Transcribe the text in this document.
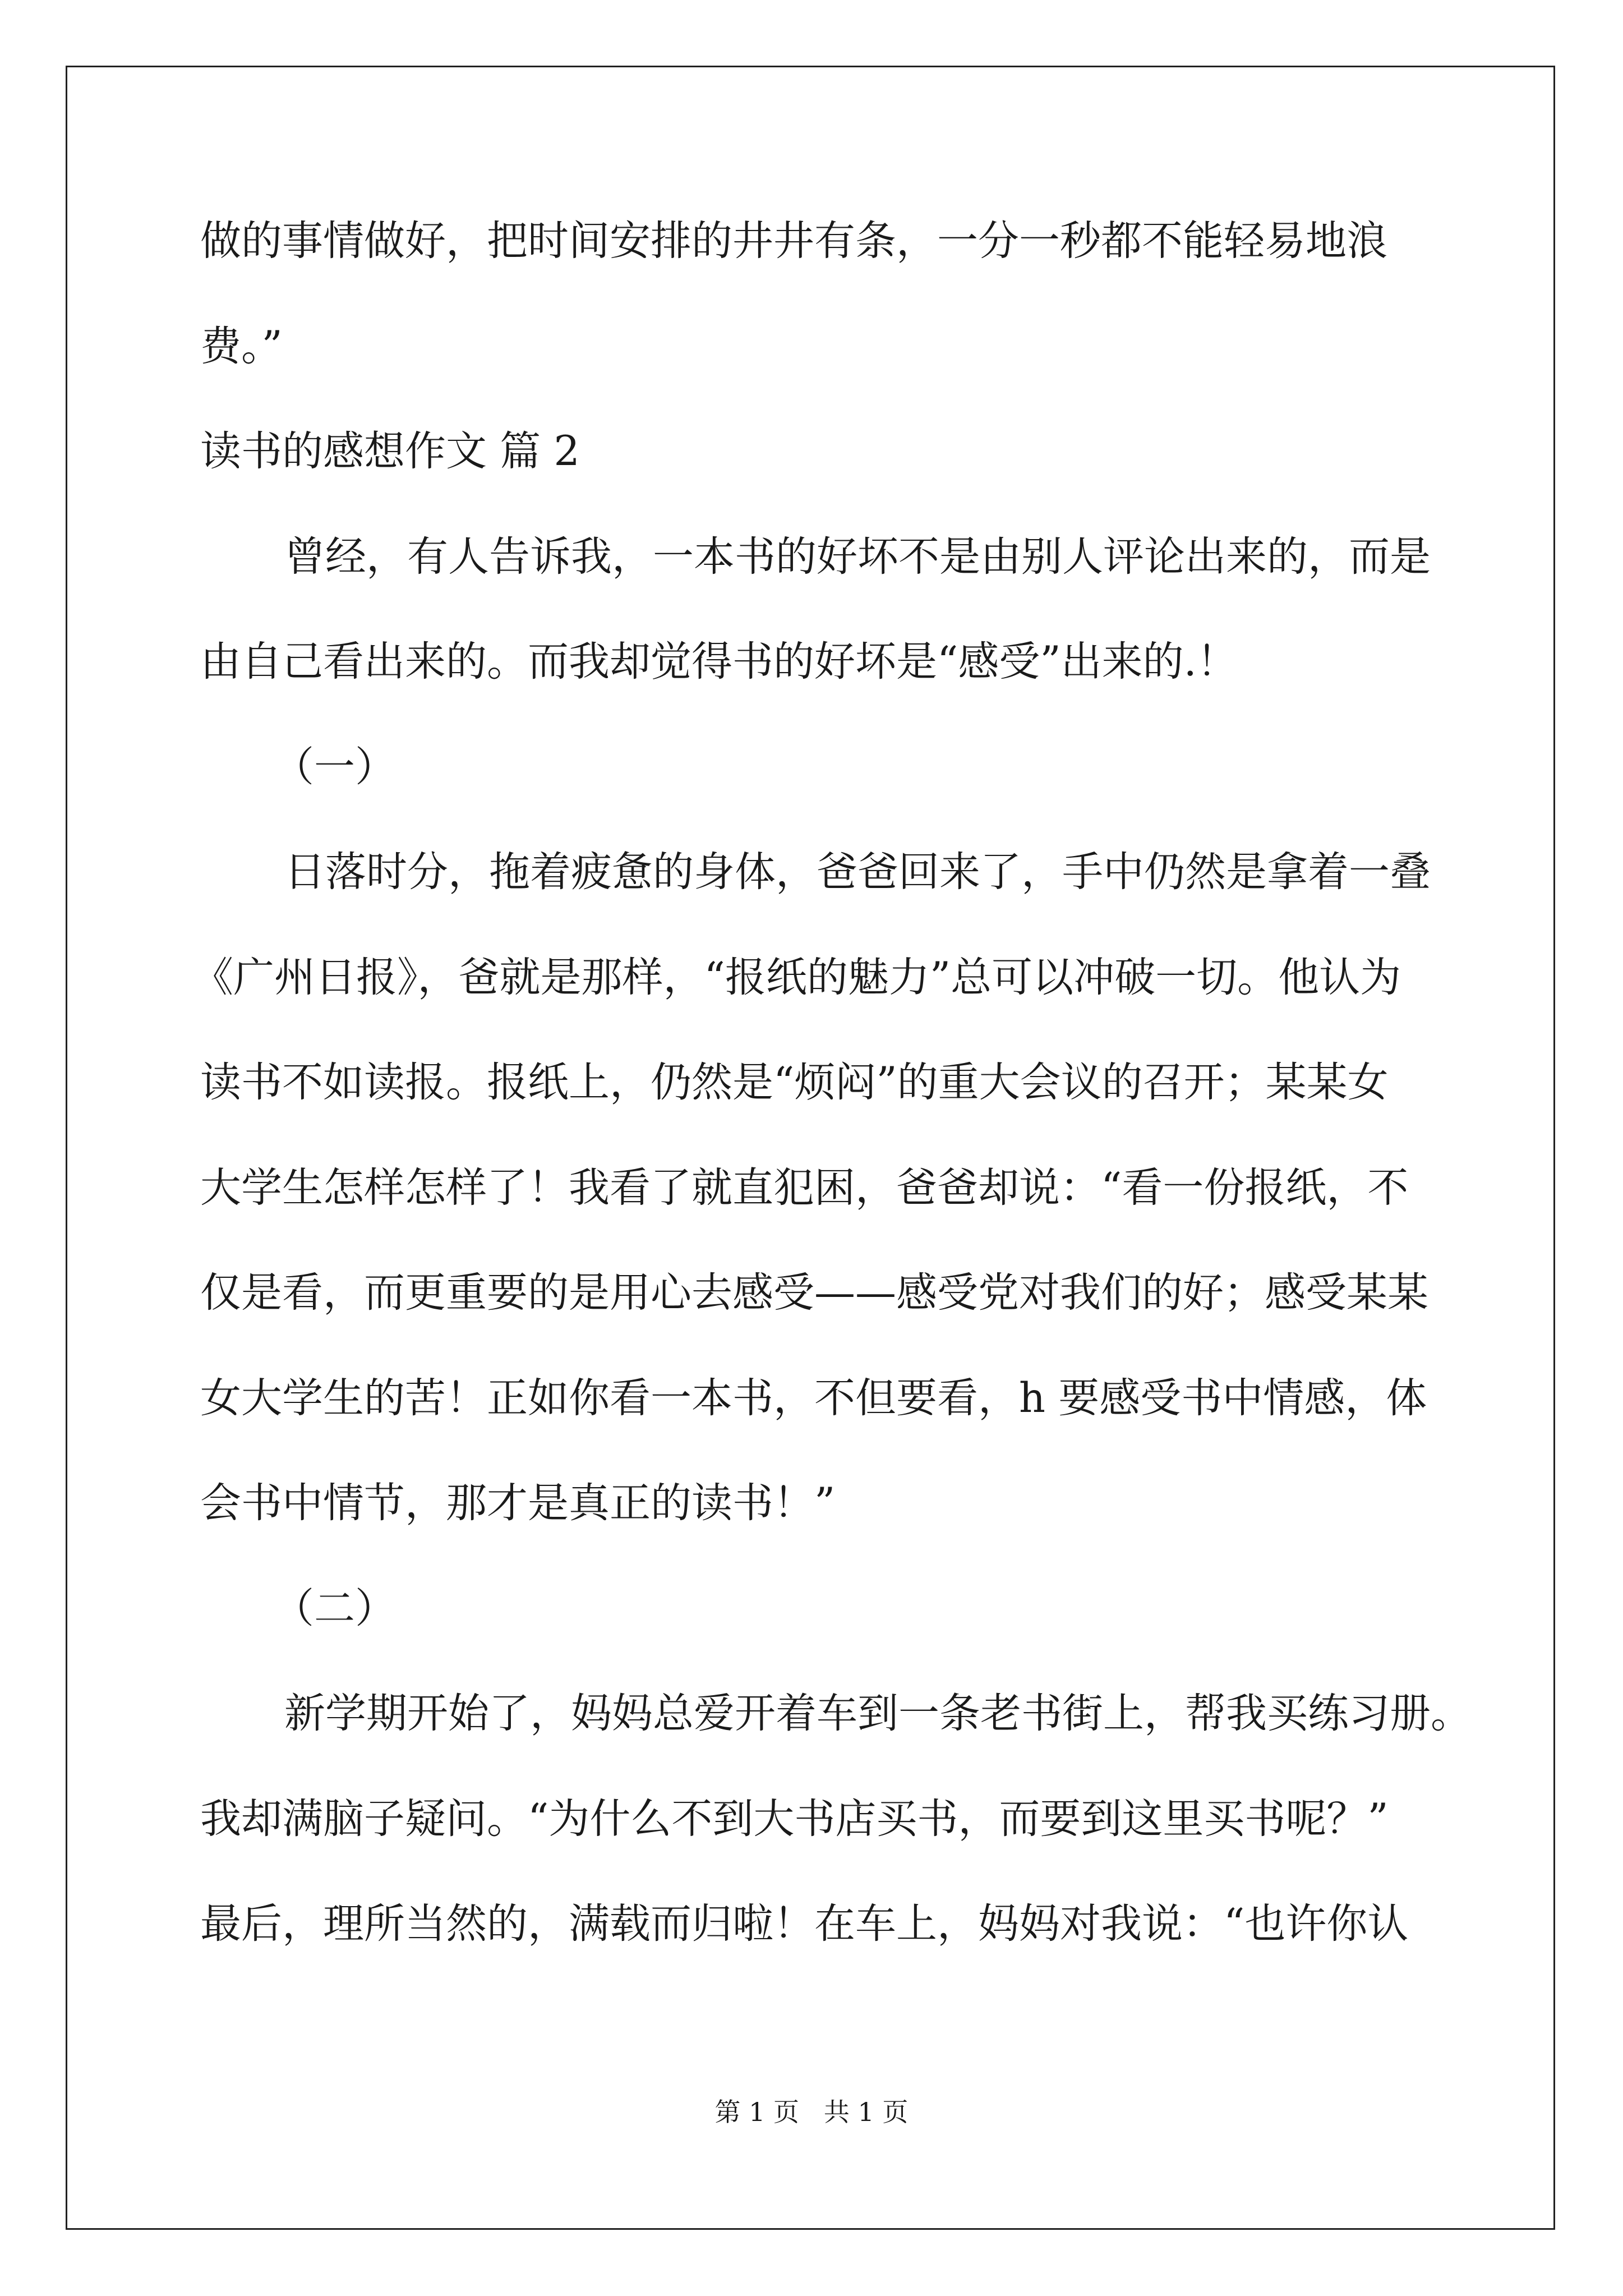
做的事情做好，把时间安排的井井有条，一分一秒都不能轻易地浪
费。”
读书的感想作文 篇 2
曾经，有人告诉我，一本书的好坏不是由别人评论出来的，而是
由自己看出来的。而我却觉得书的好坏是“感受”出来的.！
（一）
日落时分，拖着疲惫的身体，爸爸回来了，手中仍然是拿着一叠
《广州日报》，爸就是那样，“报纸的魅力”总可以冲破一切。他认为
读书不如读报。报纸上，仍然是“烦闷”的重大会议的召开；某某女
大学生怎样怎样了！我看了就直犯困，爸爸却说：“看一份报纸，不
仅是看，而更重要的是用心去感受——感受党对我们的好；感受某某
女大学生的苦！正如你看一本书，不但要看，h 要感受书中情感，体
会书中情节，那才是真正的读书！”
（二）
新学期开始了，妈妈总爱开着车到一条老书街上，帮我买练习册。
我却满脑子疑问。“为什么不到大书店买书，而要到这里买书呢？”
最后，理所当然的，满载而归啦！在车上，妈妈对我说：“也许你认
第 1 页   共 1 页
